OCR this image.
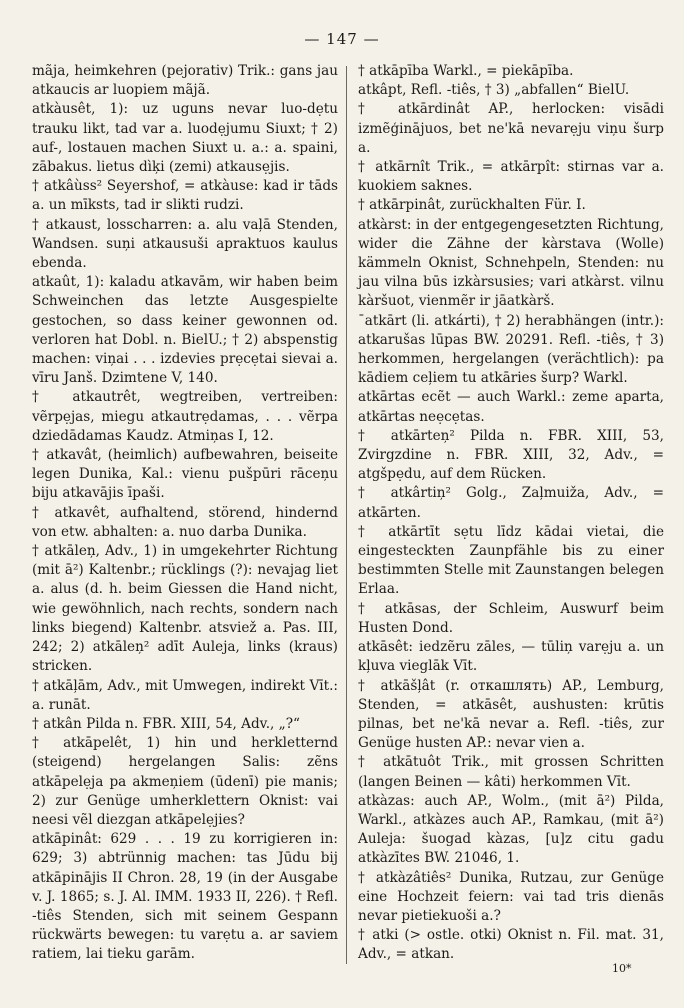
— 147 —

mãja, heimkehren (pejorativ) Trik.: gans jau atkaucis ar luopiem mãjã.

atkàusêt, 1): uz uguns nevar luo-dẹtu trauku likt, tad var a. luodẹjumu Siuxt; † 2) auf-, lostauen machen Siuxt u. a.: a. spaini, zābakus. lietus dìķi (zemi) atkausẹjis.

† atkâùss² Seyershof, = atkàuse: kad ir tāds a. un mīksts, tad ir slikti rudzi.

† atkaust, losscharren: a. alu vaļā Stenden, Wandsen. suņi atkausuši apraktuos kaulus ebenda.

atkaût, 1): kaladu atkavām, wir haben beim Schweinchen das letzte Ausgespielte gestochen, so dass keiner gewonnen od. verloren hat Dobl. n. BielU.; † 2) abspenstig machen: viņai . . . izdevies prẹcẹtai sievai a. vīru Janš. Dzimtene V, 140.

† atkautrêt, wegtreiben, vertreiben: vẽrpẹjas, miegu atkautrẹdamas, . . . vẽrpa dziedādamas Kaudz. Atmiņas I, 12.

† atkavât, (heimlich) aufbewahren, beiseite legen Dunika, Kal.: vienu pušpūri rāceņu biju atkavājis īpaši.

† atkavêt, aufhaltend, störend, hindernd von etw. abhalten: a. nuo darba Dunika.

† atkāleņ, Adv., 1) in umgekehrter Richtung (mit ā²) Kaltenbr.; rücklings (?): nevajag liet a. alus (d. h. beim Giessen die Hand nicht, wie gewöhnlich, nach rechts, sondern nach links biegend) Kaltenbr. atsviež a. Pas. III, 242; 2) atkāleņ² adīt Auleja, links (kraus) stricken.

† atkāļām, Adv., mit Umwegen, indirekt Vīt.: a. runāt.

† atkân Pilda n. FBR. XIII, 54, Adv., „?“

† atkāpelêt, 1) hin und herkletternd (steigend) hergelangen Salis: zẽns atkāpelẹja pa akmeņiem (ūdenī) pie manis; 2) zur Genüge umherklettern Oknist: vai neesi vẽl diezgan atkāpelẹjies?

atkāpinât: 629 . . . 19 zu korrigieren in: 629; 3) abtrünnig machen: tas Jūdu bij atkāpinājis II Chron. 28, 19 (in der Ausgabe v. J. 1865; s. J. Al. IMM. 1933 II, 226). † Refl. -tiês Stenden, sich mit seinem Gespann rückwärts bewegen: tu varẹtu a. ar saviem ratiem, lai tieku garām.

† atkāpība Warkl., = piekāpība.

atkâpt, Refl. -tiês, † 3) „abfallen“ BielU.

† atkārdinât AP., herlocken: visādi izmẽģinājuos, bet ne'kā nevarẹju viņu šurp a.

† atkārnît Trik., = atkārpît: stirnas var a. kuokiem saknes.

† atkārpinât, zurückhalten Für. I.

atkàrst: in der entgegengesetzten Richtung, wider die Zähne der kàrstava (Wolle) kämmeln Oknist, Schnehpeln, Stenden: nu jau vilna būs izkàrsusies; vari atkàrst. vilnu kàršuot, vienmẽr ir jāatkàrš.

¯atkārt (li. atkárti), † 2) herabhängen (intr.): atkarušas lūpas BW. 20291. Refl. -tiês, † 3) herkommen, hergelangen (verächtlich): pa kādiem ceļiem tu atkāries šurp? Warkl.

atkārtas ecẽt — auch Warkl.: zeme aparta, atkārtas neẹcẹtas.

† atkārteņ² Pilda n. FBR. XIII, 53, Zvirgzdine n. FBR. XIII, 32, Adv., = atgšpẹdu, auf dem Rücken.

† atkârtiņ² Golg., Zaļmuiža, Adv., = atkārten.

† atkārtīt sẹtu līdz kādai vietai, die eingesteckten Zaunpfähle bis zu einer bestimmten Stelle mit Zaunstangen belegen Erlaa.

† atkāsas, der Schleim, Auswurf beim Husten Dond.

atkāsêt: iedzẽru zāles, — tūliņ varẹju a. un kļuva vieglāk Vīt.

† atkāšļât (r. откашлять) AP., Lemburg, Stenden, = atkāsêt, aushusten: krūtis pilnas, bet ne'kā nevar a. Refl. -tiês, zur Genüge husten AP.: nevar vien a.

† atkātuôt Trik., mit grossen Schritten (langen Beinen — kâti) herkommen Vīt.

atkàzas: auch AP., Wolm., (mit ā²) Pilda, Warkl., atkàzes auch AP., Ramkau, (mit ā²) Auleja: šuogad kàzas, [u]z citu gadu atkàzītes BW. 21046, 1.

† atkàzâtiês² Dunika, Rutzau, zur Genüge eine Hochzeit feiern: vai tad tris dienās nevar pietiekuoši a.?

† atki (> ostle. otki) Oknist n. Fil. mat. 31, Adv., = atkan.

10*
